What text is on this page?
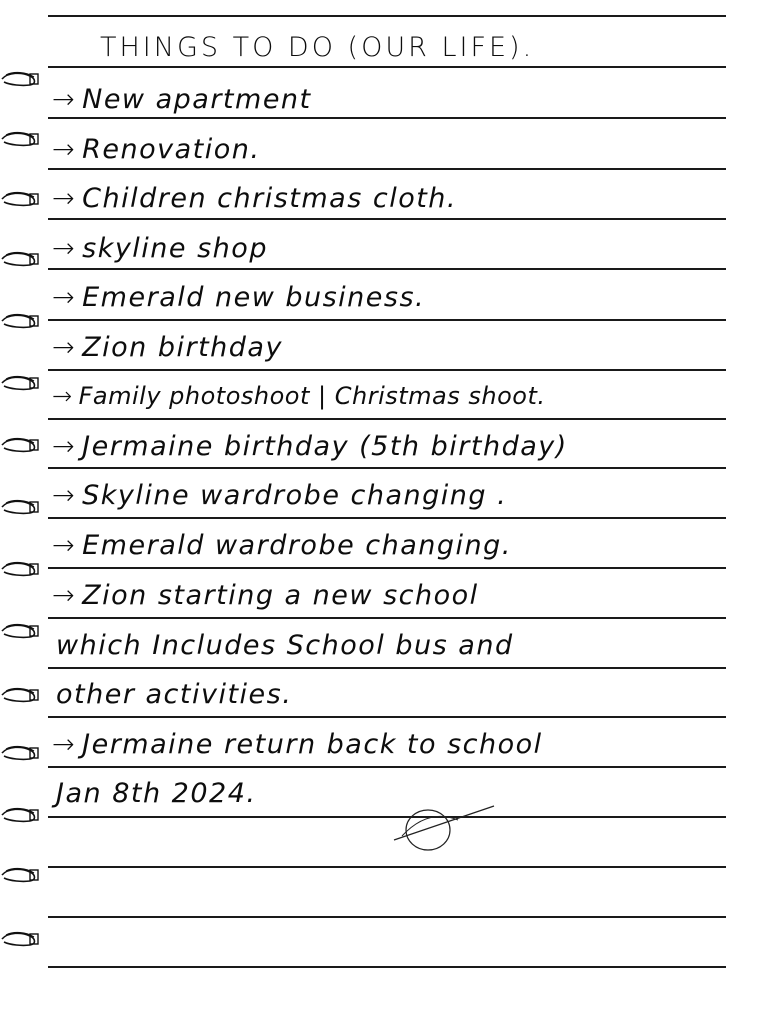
THINGS TO DO (OUR LIFE).
→ New apartment
→ Renovation.
→ Children christmas cloth.
→ skyline shop
→ Emerald new business.
→ Zion birthday
→ Family photoshoot | Christmas shoot.
→ Jermaine birthday (5th birthday)
→ Skyline wardrobe changing .
→ Emerald wardrobe changing.
→ Zion starting a new school
which Includes School bus and
other activities.
→ Jermaine return back to school
Jan 8th 2024.
